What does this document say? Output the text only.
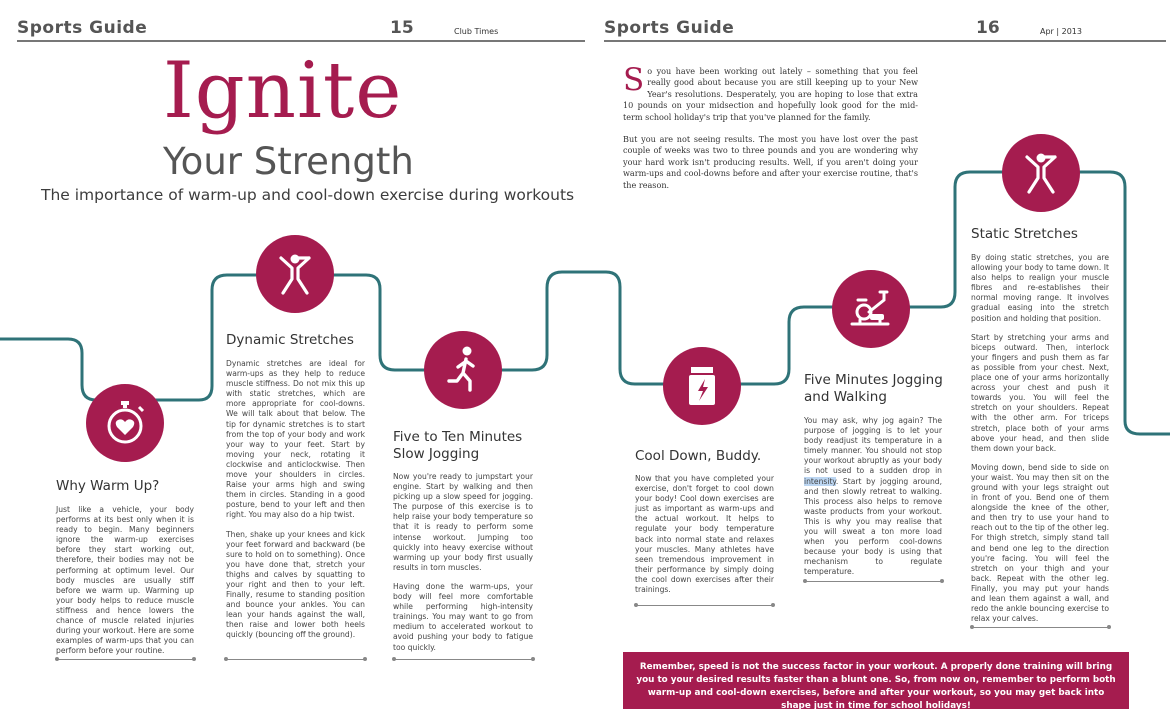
Sports Guide	15	Club Times	Sports Guide	16	Apr | 2013
Ignite
Your Strength
The importance of warm-up and cool-down exercise during workouts

So you have been working out lately – something that you feel really good about because you are still keeping up to your New Year's resolutions. Desperately, you are hoping to lose that extra 10 pounds on your midsection and hopefully look good for the mid-term school holiday's trip that you've planned for the family.

But you are not seeing results. The most you have lost over the past couple of weeks was two to three pounds and you are wondering why your hard work isn't producing results. Well, if you aren't doing your warm-ups and cool-downs before and after your exercise routine, that's the reason.

Why Warm Up?

Just like a vehicle, your body performs at its best only when it is ready to begin. Many beginners ignore the warm-up exercises before they start working out, therefore, their bodies may not be performing at optimum level. Our body muscles are usually stiff before we warm up. Warming up your body helps to reduce muscle stiffness and hence lowers the chance of muscle related injuries during your workout. Here are some examples of warm-ups that you can perform before your routine.

Dynamic Stretches

Dynamic stretches are ideal for warm-ups as they help to reduce muscle stiffness. Do not mix this up with static stretches, which are more appropriate for cool-downs. We will talk about that below. The tip for dynamic stretches is to start from the top of your body and work your way to your feet. Start by moving your neck, rotating it clockwise and anticlockwise. Then move your shoulders in circles. Raise your arms high and swing them in circles. Standing in a good posture, bend to your left and then right. You may also do a hip twist.

Then, shake up your knees and kick your feet forward and backward (be sure to hold on to something). Once you have done that, stretch your thighs and calves by squatting to your right and then to your left. Finally, resume to standing position and bounce your ankles. You can lean your hands against the wall, then raise and lower both heels quickly (bouncing off the ground).

Five to Ten Minutes Slow Jogging

Now you're ready to jumpstart your engine. Start by walking and then picking up a slow speed for jogging. The purpose of this exercise is to help raise your body temperature so that it is ready to perform some intense workout. Jumping too quickly into heavy exercise without warming up your body first usually results in torn muscles.

Having done the warm-ups, your body will feel more comfortable while performing high-intensity trainings. You may want to go from medium to accelerated workout to avoid pushing your body to fatigue too quickly.

Cool Down, Buddy.

Now that you have completed your exercise, don't forget to cool down your body! Cool down exercises are just as important as warm-ups and the actual workout. It helps to regulate your body temperature back into normal state and relaxes your muscles. Many athletes have seen tremendous improvement in their performance by simply doing the cool down exercises after their trainings.

Five Minutes Jogging and Walking

You may ask, why jog again? The purpose of jogging is to let your body readjust its temperature in a timely manner. You should not stop your workout abruptly as your body is not used to a sudden drop in intensity. Start by jogging around, and then slowly retreat to walking. This process also helps to remove waste products from your workout. This is why you may realise that you will sweat a ton more load when you perform cool-downs because your body is using that mechanism to regulate temperature.

Static Stretches

By doing static stretches, you are allowing your body to tame down. It also helps to realign your muscle fibres and re-establishes their normal moving range. It involves gradual easing into the stretch position and holding that position.

Start by stretching your arms and biceps outward. Then, interlock your fingers and push them as far as possible from your chest. Next, place one of your arms horizontally across your chest and push it towards you. You will feel the stretch on your shoulders. Repeat with the other arm. For triceps stretch, place both of your arms above your head, and then slide them down your back.

Moving down, bend side to side on your waist. You may then sit on the ground with your legs straight out in front of you. Bend one of them alongside the knee of the other, and then try to use your hand to reach out to the tip of the other leg. For thigh stretch, simply stand tall and bend one leg to the direction you're facing. You will feel the stretch on your thigh and your back. Repeat with the other leg. Finally, you may put your hands and lean them against a wall, and redo the ankle bouncing exercise to relax your calves.

Remember, speed is not the success factor in your workout. A properly done training will bring you to your desired results faster than a blunt one. So, from now on, remember to perform both warm-up and cool-down exercises, before and after your workout, so you may get back into shape just in time for school holidays!
